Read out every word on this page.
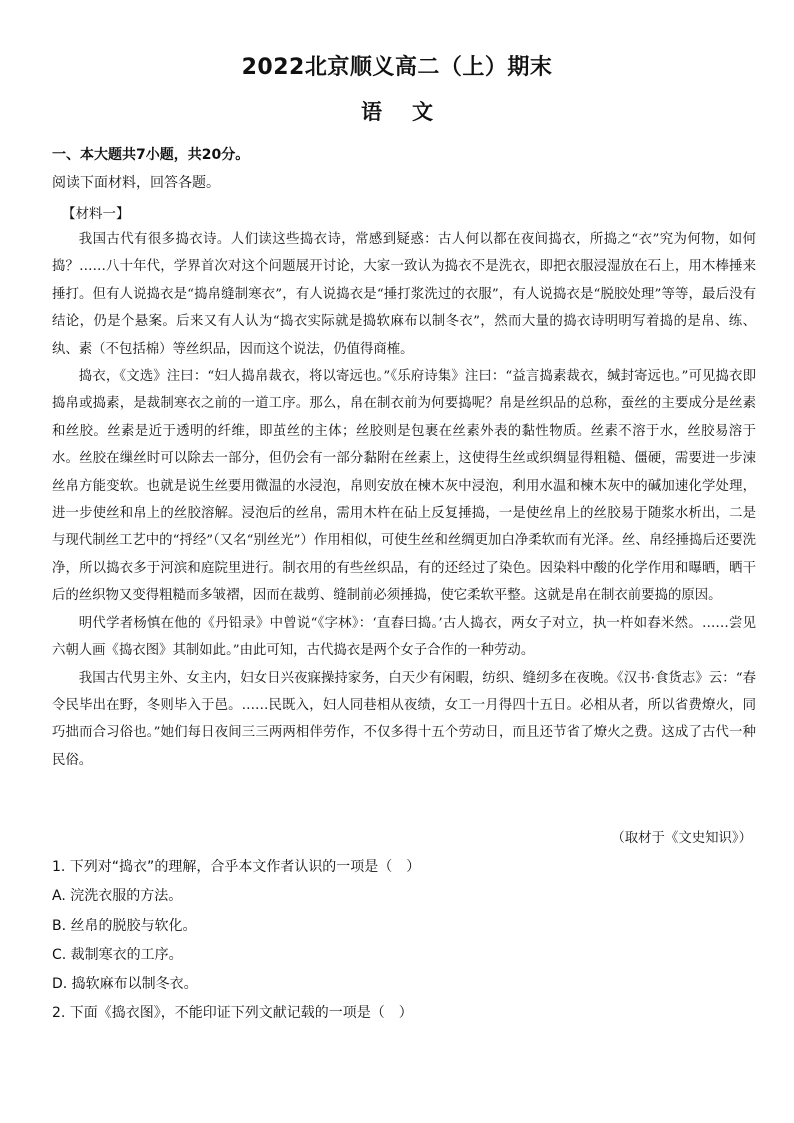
2022北京顺义高二（上）期末
语文
一、本大题共7小题，共20分。
阅读下面材料，回答各题。
【材料一】

我国古代有很多捣衣诗。人们读这些捣衣诗，常感到疑惑：古人何以都在夜间捣衣，所捣之“衣”究为何物，如何捣？……八十年代，学界首次对这个问题展开讨论，大家一致认为捣衣不是洗衣，即把衣服浸湿放在石上，用木棒捶来捶打。但有人说捣衣是“捣帛缝制寒衣”，有人说捣衣是“捶打浆洗过的衣服”，有人说捣衣是“脱胶处理”等等，最后没有结论，仍是个悬案。后来又有人认为“捣衣实际就是捣软麻布以制冬衣”，然而大量的捣衣诗明明写着捣的是帛、练、纨、素（不包括棉）等丝织品，因而这个说法，仍值得商榷。

捣衣，《文选》注曰：“妇人捣帛裁衣，将以寄远也。”《乐府诗集》注曰：“益言捣素裁衣，缄封寄远也。”可见捣衣即捣帛或捣素，是裁制寒衣之前的一道工序。那么，帛在制衣前为何要捣呢？帛是丝织品的总称，蚕丝的主要成分是丝素和丝胶。丝素是近于透明的纤维，即茧丝的主体；丝胶则是包裹在丝素外表的黏性物质。丝素不溶于水，丝胶易溶于水。丝胶在缫丝时可以除去一部分，但仍会有一部分黏附在丝素上，这使得生丝或织绸显得粗糙、僵硬，需要进一步涑丝帛方能变软。也就是说生丝要用微温的水浸泡，帛则安放在楝木灰中浸泡，利用水温和楝木灰中的碱加速化学处理，进一步使丝和帛上的丝胶溶解。浸泡后的丝帛，需用木杵在砧上反复捶捣，一是使丝帛上的丝胶易于随浆水析出，二是与现代制丝工艺中的“捋经”（又名“别丝光”）作用相似，可使生丝和丝绸更加白净柔软而有光泽。丝、帛经捶捣后还要洗净，所以捣衣多于河滨和庭院里进行。制衣用的有些丝织品，有的还经过了染色。因染料中酸的化学作用和曝晒，晒干后的丝织物又变得粗糙而多皱褶，因而在裁剪、缝制前必须捶捣，使它柔软平整。这就是帛在制衣前要捣的原因。

明代学者杨慎在他的《丹铅录》中曾说“《字林》：‘直舂曰捣。’古人捣衣，两女子对立，执一杵如舂米然。……尝见六朝人画《捣衣图》其制如此。”由此可知，古代捣衣是两个女子合作的一种劳动。

我国古代男主外、女主内，妇女日兴夜寐操持家务，白天少有闲暇，纺织、缝纫多在夜晚。《汉书·食货志》云：“春令民毕出在野，冬则毕入于邑。……民既入，妇人同巷相从夜绩，女工一月得四十五日。必相从者，所以省费燎火，同巧拙而合习俗也。”她们每日夜间三三两两相伴劳作，不仅多得十五个劳动日，而且还节省了燎火之费。这成了古代一种民俗。

（取材于《文史知识》）
1. 下列对“捣衣”的理解，合乎本文作者认识的一项是（　）
A. 浣洗衣服的方法。
B. 丝帛的脱胶与软化。
C. 裁制寒衣的工序。
D. 捣软麻布以制冬衣。
2. 下面《捣衣图》，不能印证下列文献记载的一项是（　）
